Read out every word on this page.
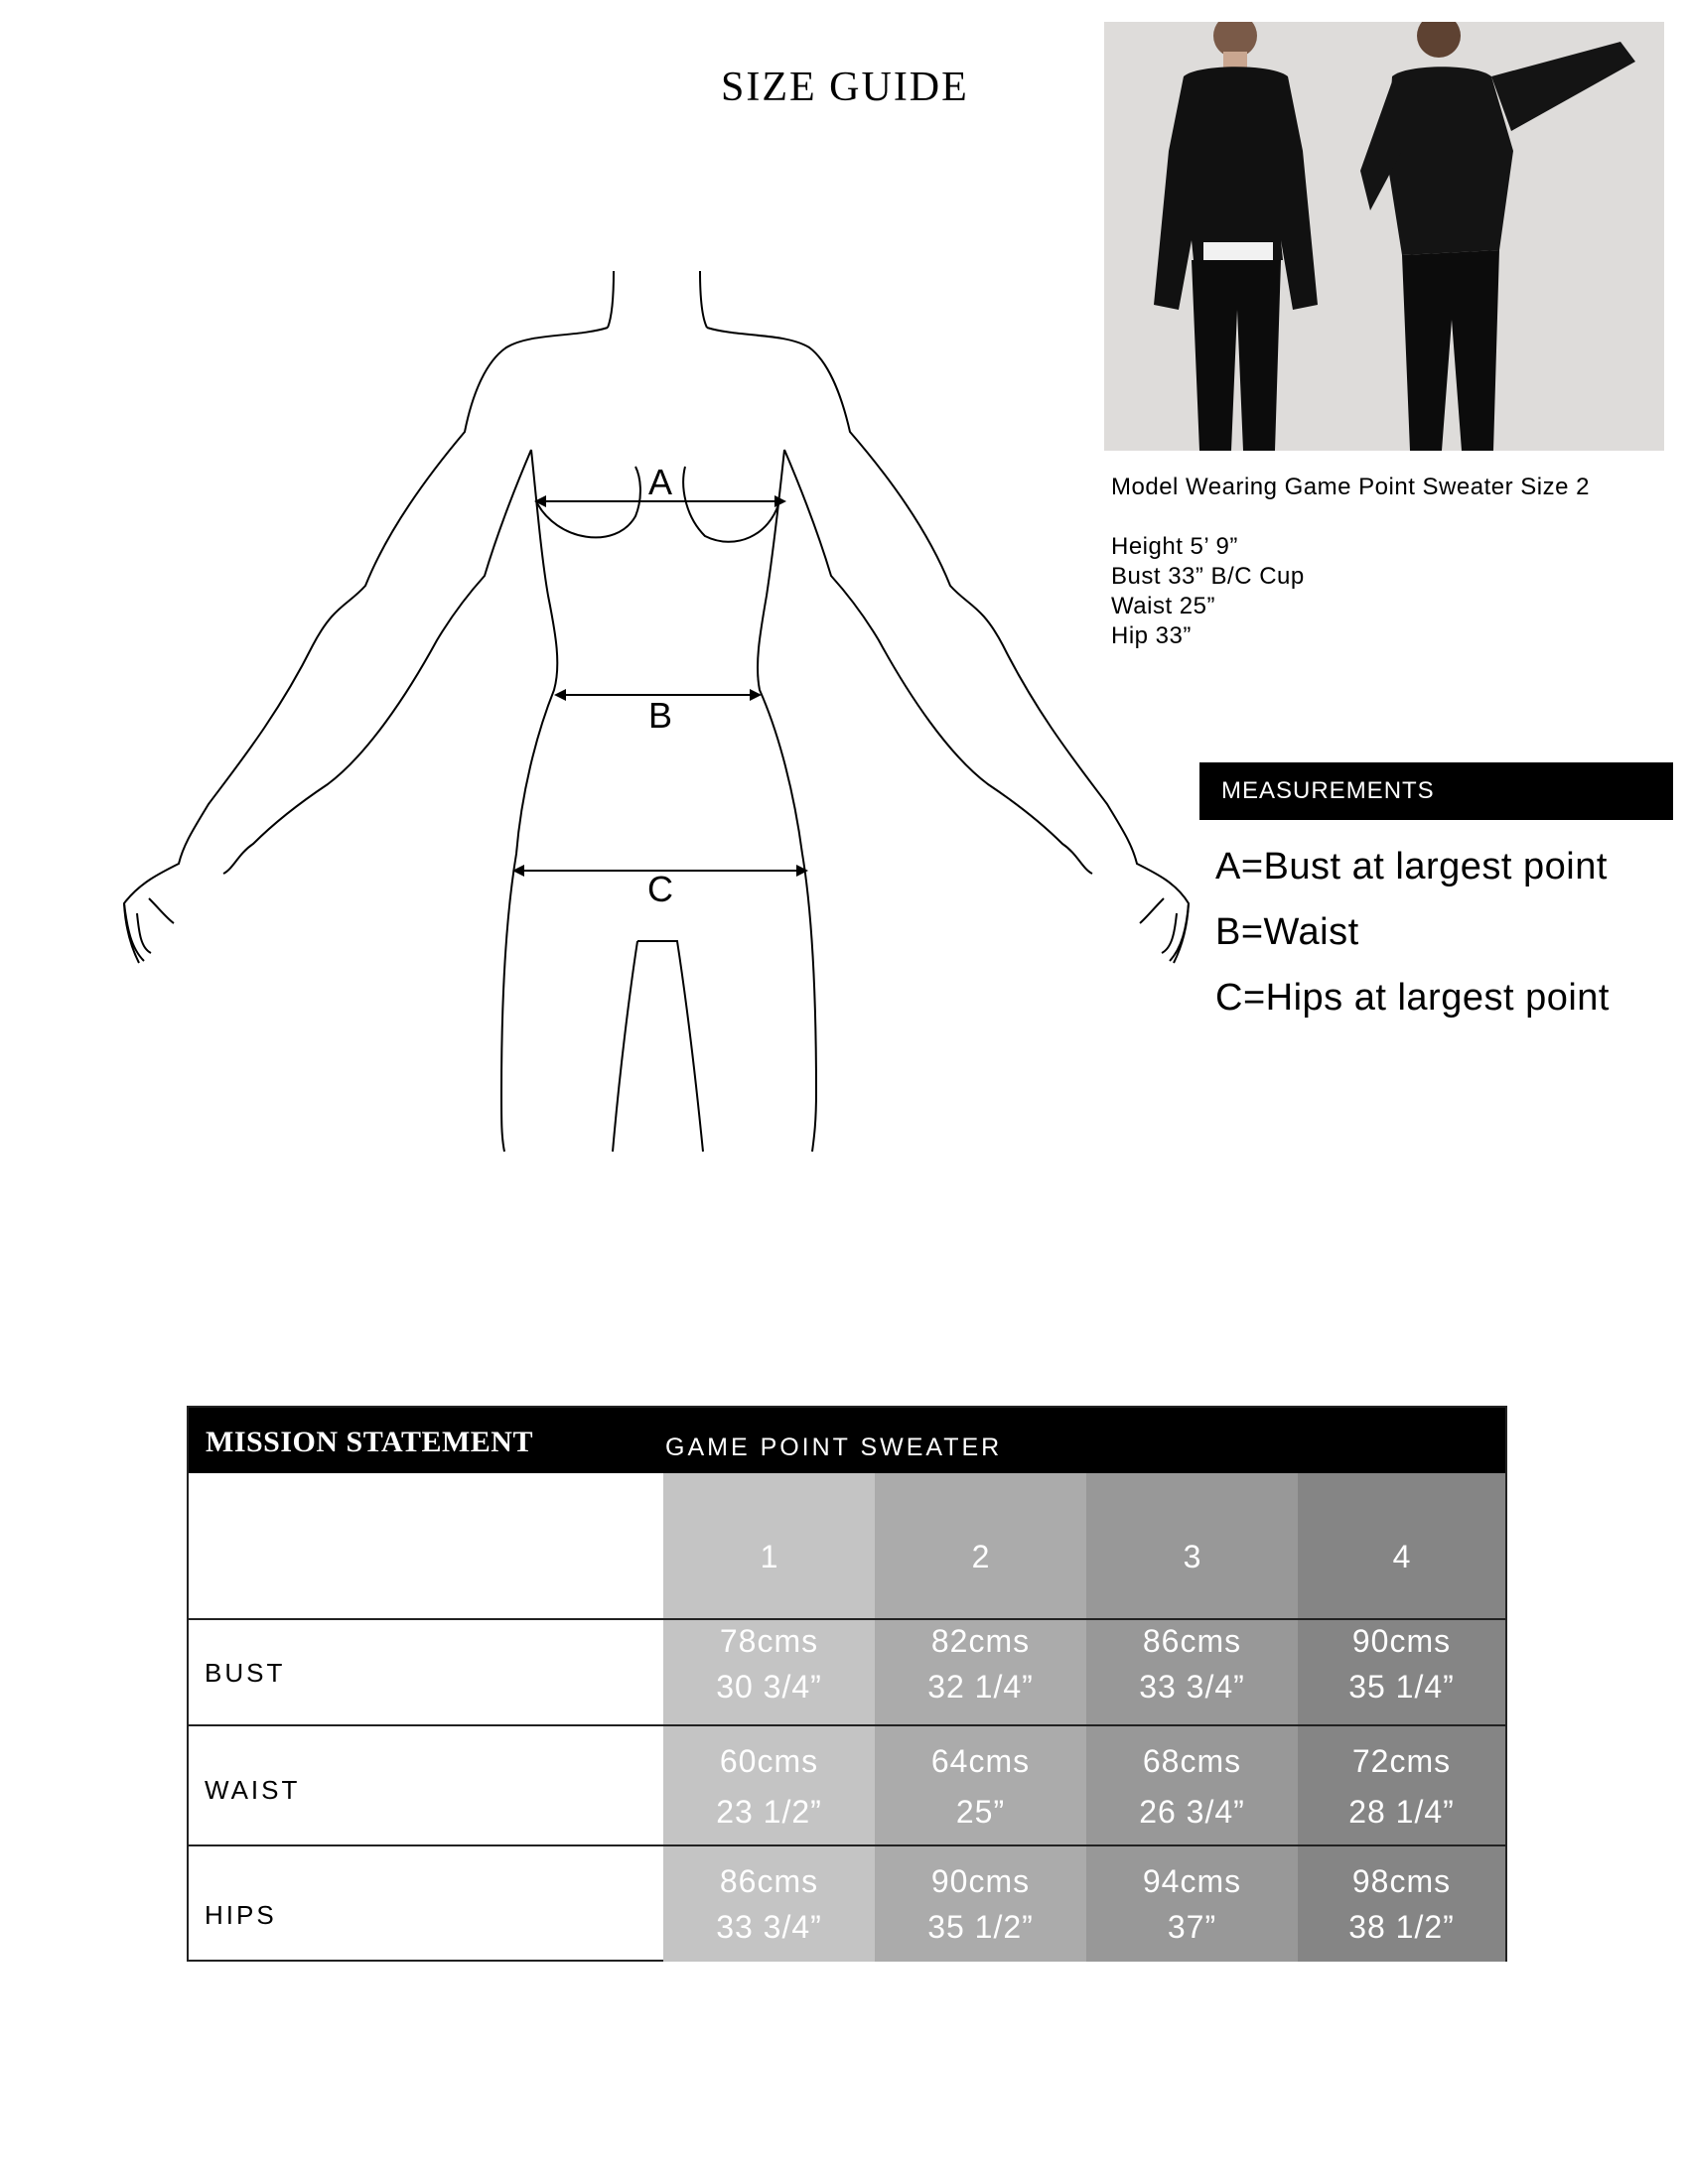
SIZE GUIDE
A
B
C
Model Wearing Game Point Sweater Size 2
Height 5’ 9”
Bust 33” B/C Cup
Waist 25”
Hip 33”
MEASUREMENTS
A=Bust at largest point
B=Waist
C=Hips at largest point
MISSION STATEMENT	GAME POINT SWEATER
1
78cms
30 3/4”
60cms
23 1/2”
86cms
33 3/4”
2
82cms
32 1/4”
64cms
25”
90cms
35 1/2”
3
86cms
33 3/4”
68cms
26 3/4”
94cms
37”
4
90cms
35 1/4”
72cms
28 1/4”
98cms
38 1/2”
BUST
WAIST
HIPS
